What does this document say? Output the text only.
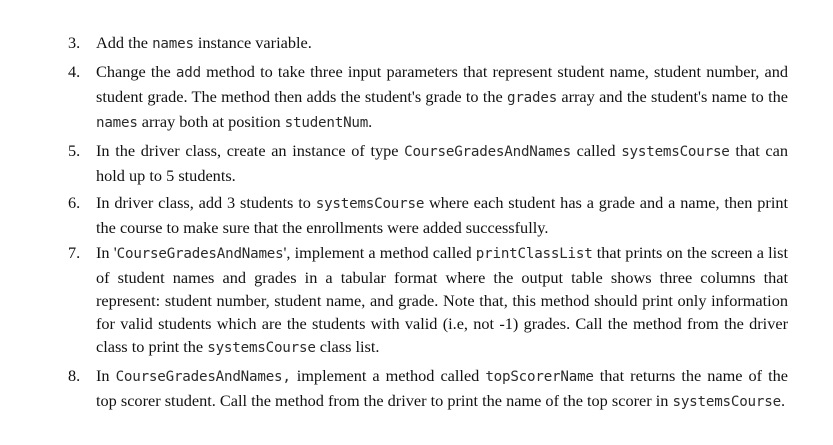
3. Add the names instance variable.
4. Change the add method to take three input parameters that represent student name, student number, and student grade. The method then adds the student's grade to the grades array and the student's name to the names array both at position studentNum.
5. In the driver class, create an instance of type CourseGradesAndNames called systemsCourse that can hold up to 5 students.
6. In driver class, add 3 students to systemsCourse where each student has a grade and a name, then print the course to make sure that the enrollments were added successfully.
7. In 'CourseGradesAndNames', implement a method called printClassList that prints on the screen a list of student names and grades in a tabular format where the output table shows three columns that represent: student number, student name, and grade. Note that, this method should print only information for valid students which are the students with valid (i.e, not -1) grades. Call the method from the driver class to print the systemsCourse class list.
8. In CourseGradesAndNames, implement a method called topScorerName that returns the name of the top scorer student. Call the method from the driver to print the name of the top scorer in systemsCourse.
